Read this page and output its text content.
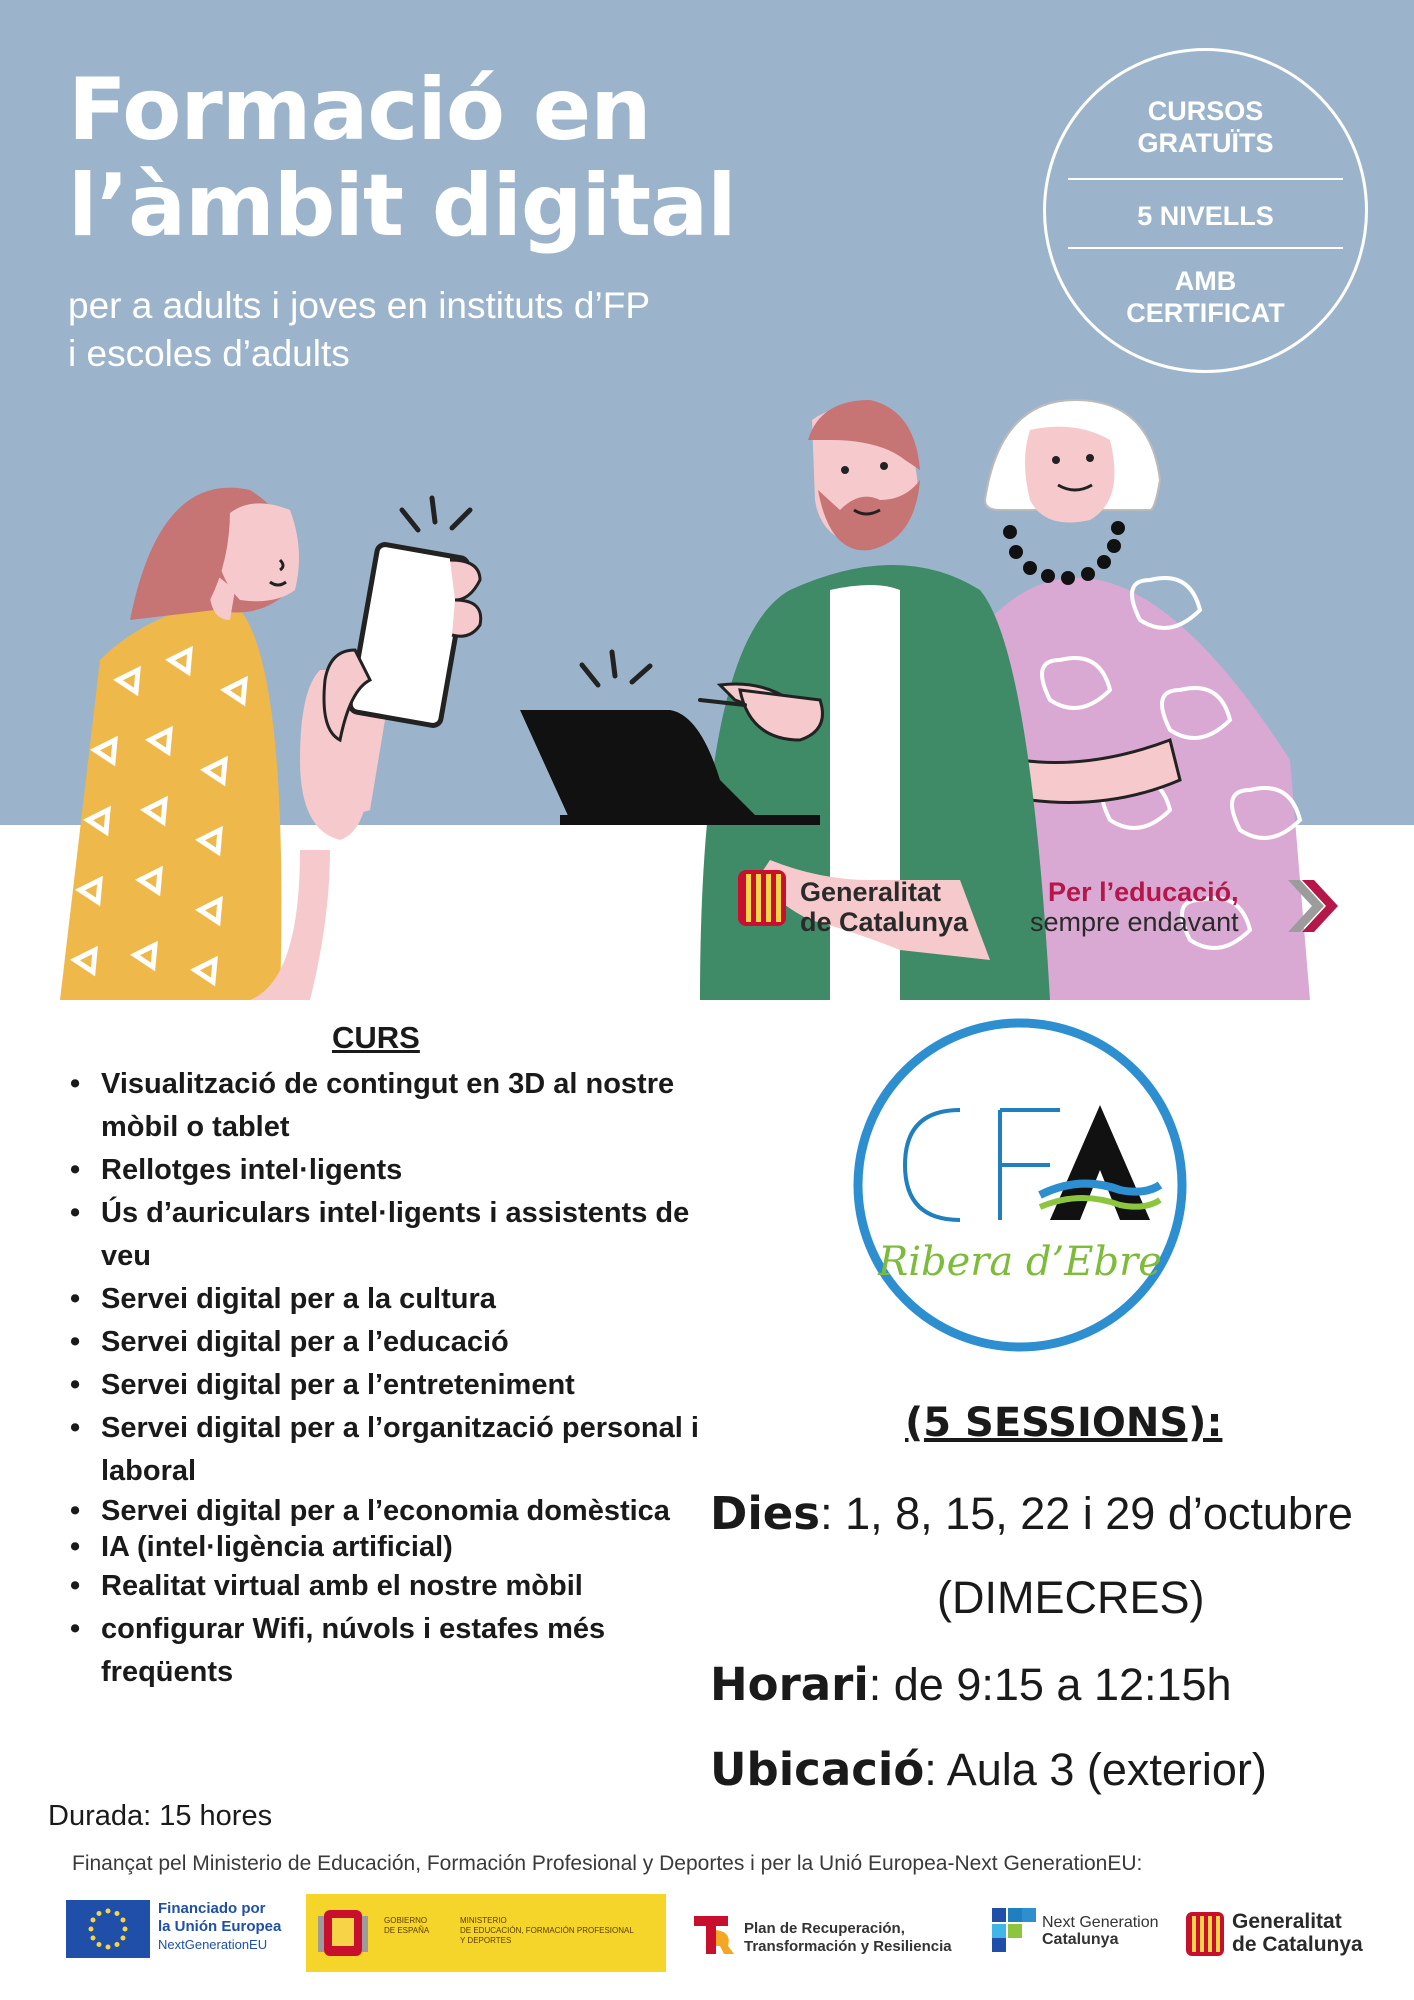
Formació en
l’àmbit digital
per a adults i joves en instituts d’FP
i escoles d’adults
CURSOS
GRATUÏTS
5 NIVELLS
AMB
CERTIFICAT
Generalitat
de Catalunya
Per l’educació,
sempre endavant
CURS
• Visualització de contingut en 3D al nostre mòbil o tablet
• Rellotges intel·ligents
• Ús d’auriculars intel·ligents i assistents de veu
• Servei digital per a la cultura
• Servei digital per a l’educació
• Servei digital per a l’entreteniment
• Servei digital per a l’organització personal i laboral
• Servei digital per a l’economia domèstica
• IA (intel·ligència artificial)
• Realitat virtual amb el nostre mòbil
• configurar Wifi, núvols i estafes més freqüents
Durada: 15 hores
Ribera d’Ebre
(5 SESSIONS):
Dies: 1, 8, 15, 22 i 29 d’octubre
(DIMECRES)
Horari: de 9:15 a 12:15h
Ubicació: Aula 3 (exterior)
Finançat pel Ministerio de Educación, Formación Profesional y Deportes i per la Unió Europea-Next GenerationEU:
Financiado por
la Unión Europea
NextGenerationEU
GOBIERNO
DE ESPAÑA
MINISTERIO
DE EDUCACIÓN, FORMACIÓN PROFESIONAL
Y DEPORTES
Plan de Recuperación,
Transformación y Resiliencia
Next Generation
Catalunya
Generalitat
de Catalunya
